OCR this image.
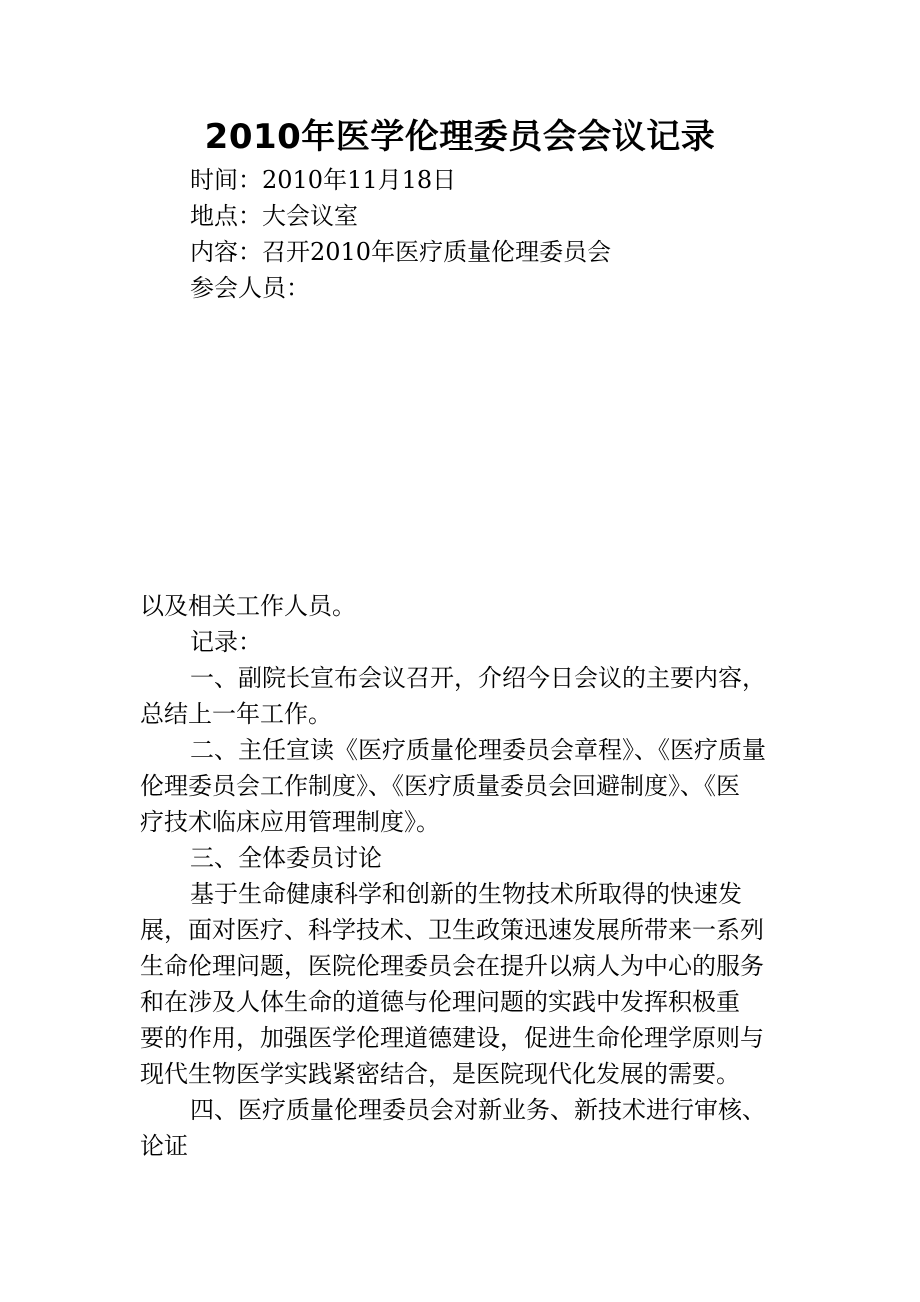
2010年医学伦理委员会会议记录
时间：2010年11月18日
地点：大会议室
内容：召开2010年医疗质量伦理委员会
参会人员：
以及相关工作人员。
记录：
一、副院长宣布会议召开，介绍今日会议的主要内容，
总结上一年工作。
二、主任宣读《医疗质量伦理委员会章程》、《医疗质量
伦理委员会工作制度》、《医疗质量委员会回避制度》、《医
疗技术临床应用管理制度》。
三、全体委员讨论
基于生命健康科学和创新的生物技术所取得的快速发
展，面对医疗、科学技术、卫生政策迅速发展所带来一系列
生命伦理问题，医院伦理委员会在提升以病人为中心的服务
和在涉及人体生命的道德与伦理问题的实践中发挥积极重
要的作用，加强医学伦理道德建设，促进生命伦理学原则与
现代生物医学实践紧密结合，是医院现代化发展的需要。
四、医疗质量伦理委员会对新业务、新技术进行审核、
论证
